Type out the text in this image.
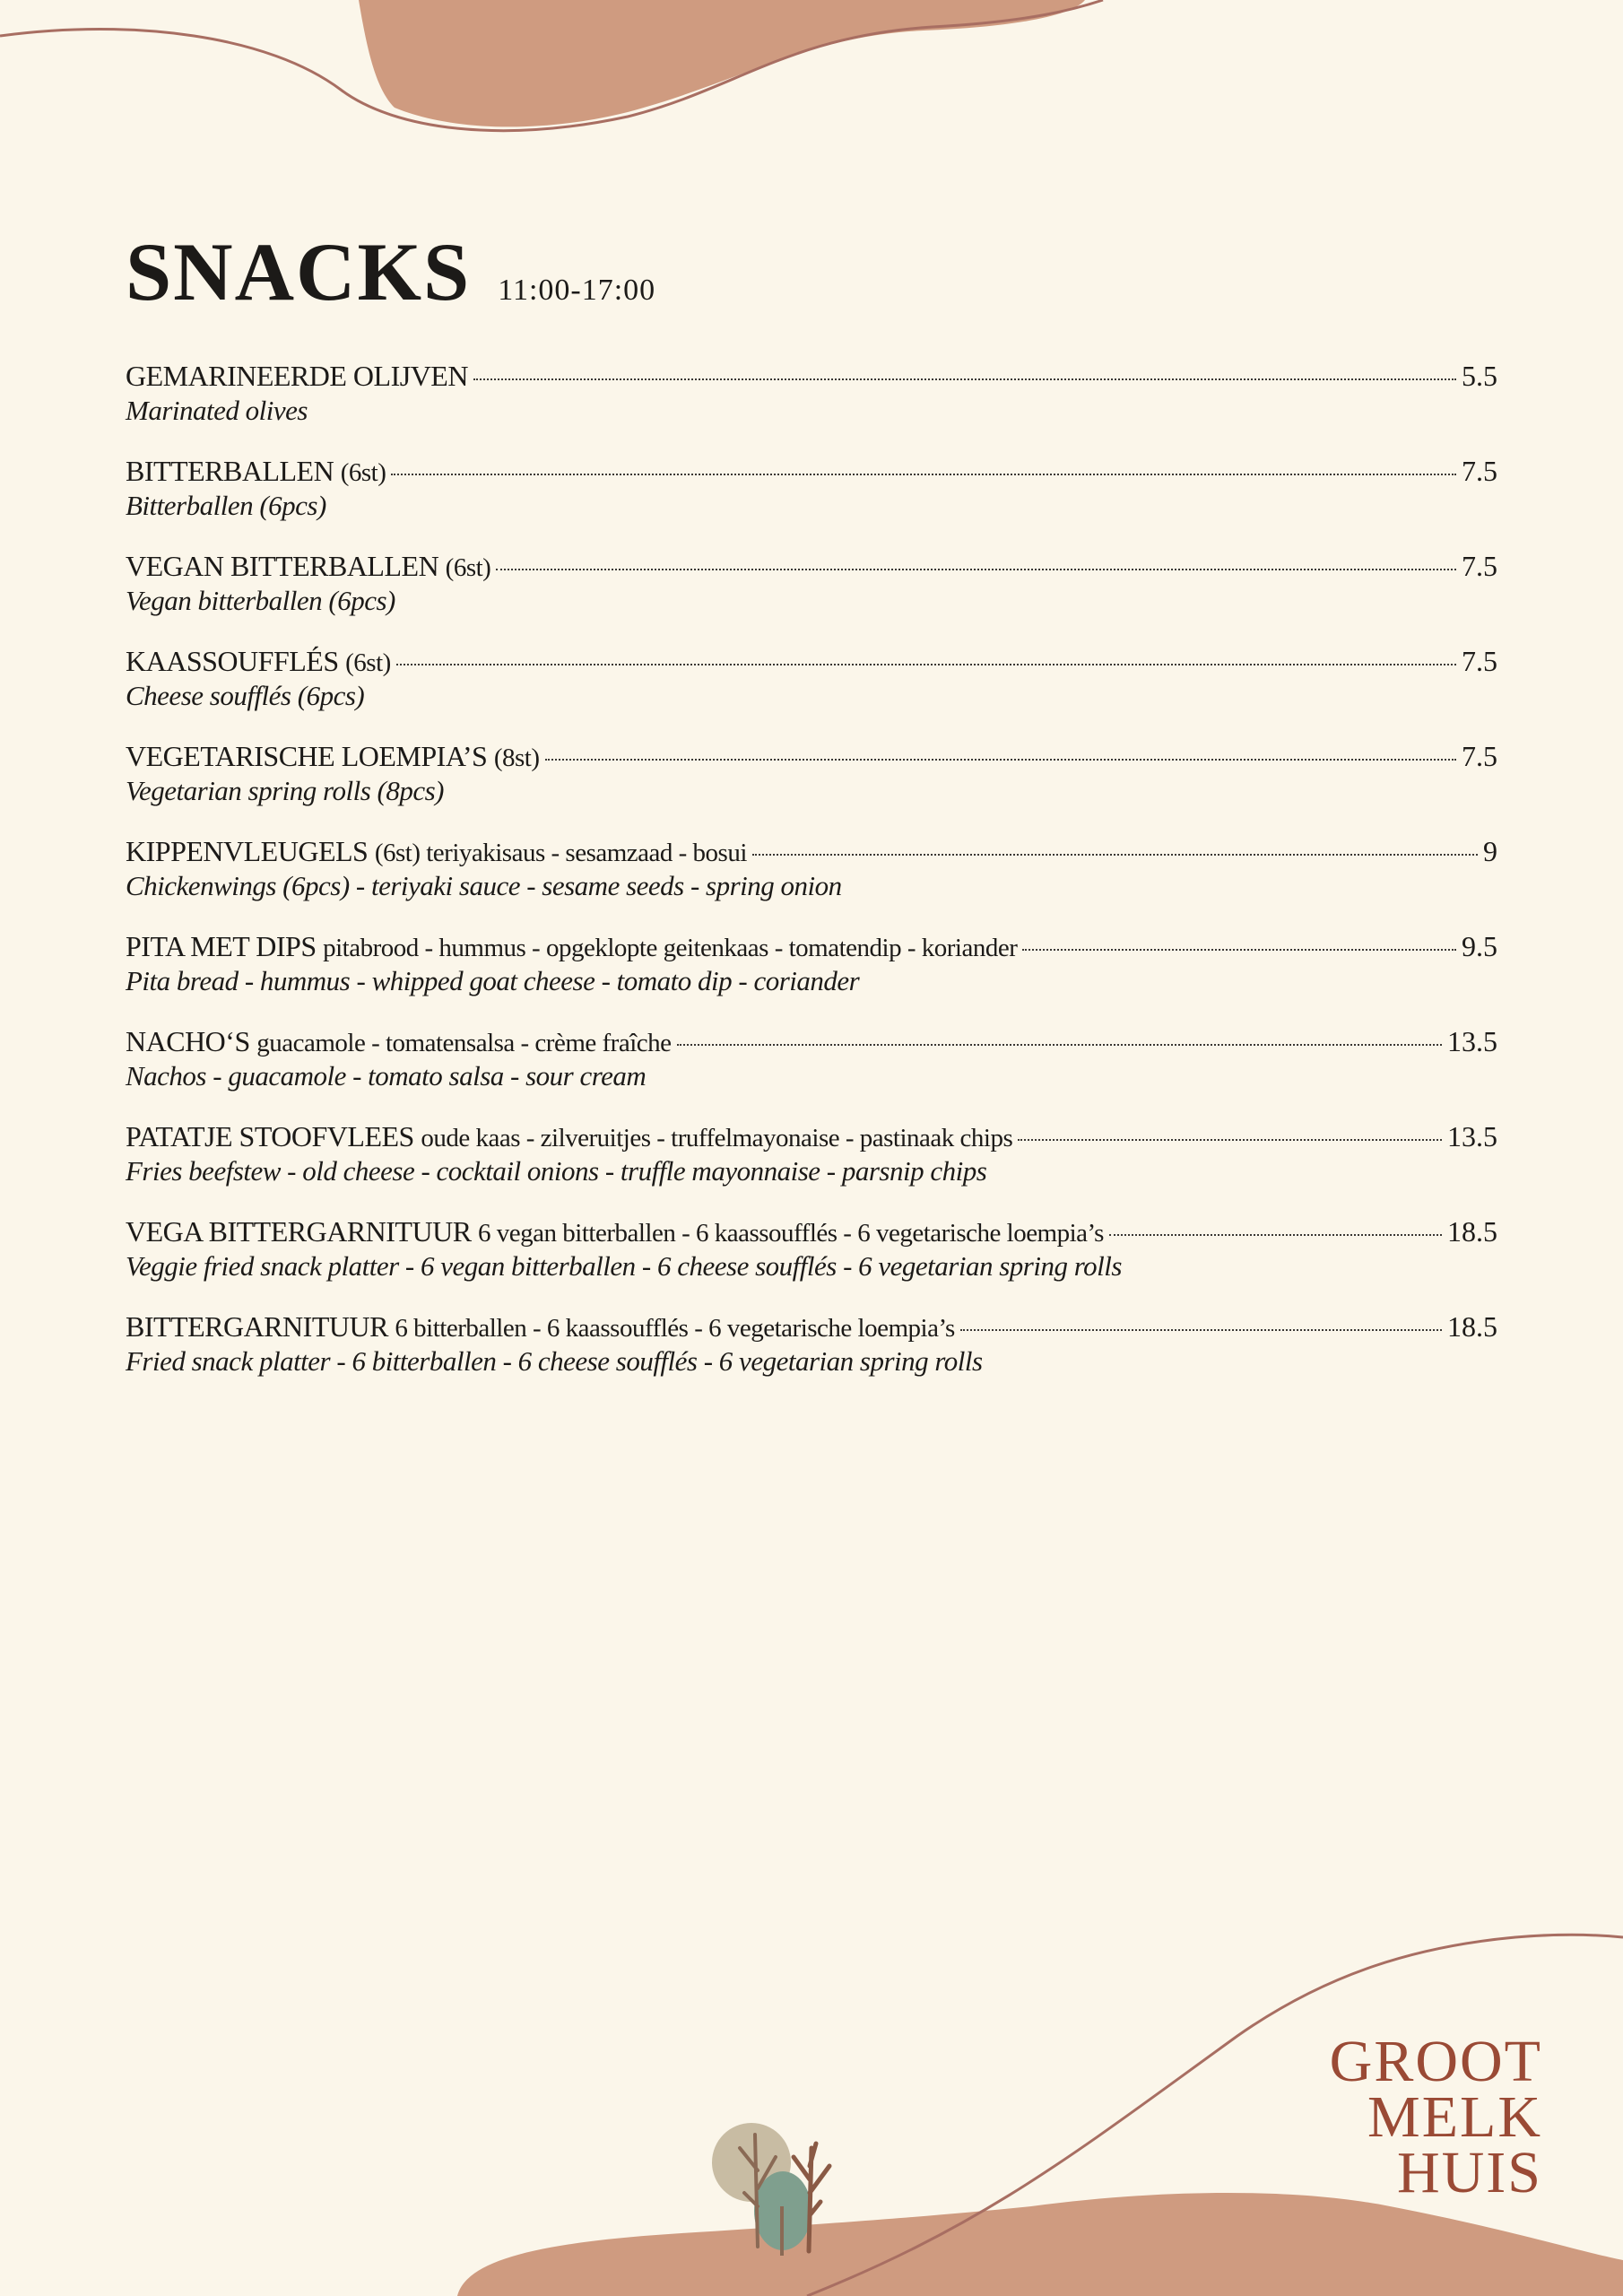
SNACKS 11:00-17:00
GEMARINEERDE OLIJVEN	5.5
Marinated olives
BITTERBALLEN (6st)	7.5
Bitterballen (6pcs)
VEGAN BITTERBALLEN (6st)	7.5
Vegan bitterballen (6pcs)
KAASSOUFFLÉS (6st)	7.5
Cheese soufflés (6pcs)
VEGETARISCHE LOEMPIA’S (8st)	7.5
Vegetarian spring rolls (8pcs)
KIPPENVLEUGELS (6st) teriyakisaus - sesamzaad - bosui	9
Chickenwings (6pcs) - teriyaki sauce - sesame seeds - spring onion
PITA MET DIPS pitabrood - hummus - opgeklopte geitenkaas - tomatendip - koriander	9.5
Pita bread - hummus - whipped goat cheese - tomato dip - coriander
NACHO‘S guacamole - tomatensalsa - crème fraîche	13.5
Nachos - guacamole - tomato salsa - sour cream
PATATJE STOOFVLEES oude kaas - zilveruitjes - truffelmayonaise - pastinaak chips	13.5
Fries beefstew - old cheese - cocktail onions - truffle mayonnaise - parsnip chips
VEGA BITTERGARNITUUR 6 vegan bitterballen - 6 kaassoufflés - 6 vegetarische loempia’s	18.5
Veggie fried snack platter - 6 vegan bitterballen - 6 cheese soufflés - 6 vegetarian spring rolls
BITTERGARNITUUR 6 bitterballen - 6 kaassoufflés - 6 vegetarische loempia’s	18.5
Fried snack platter - 6 bitterballen - 6 cheese soufflés - 6 vegetarian spring rolls
GROOT
MELK
HUIS
